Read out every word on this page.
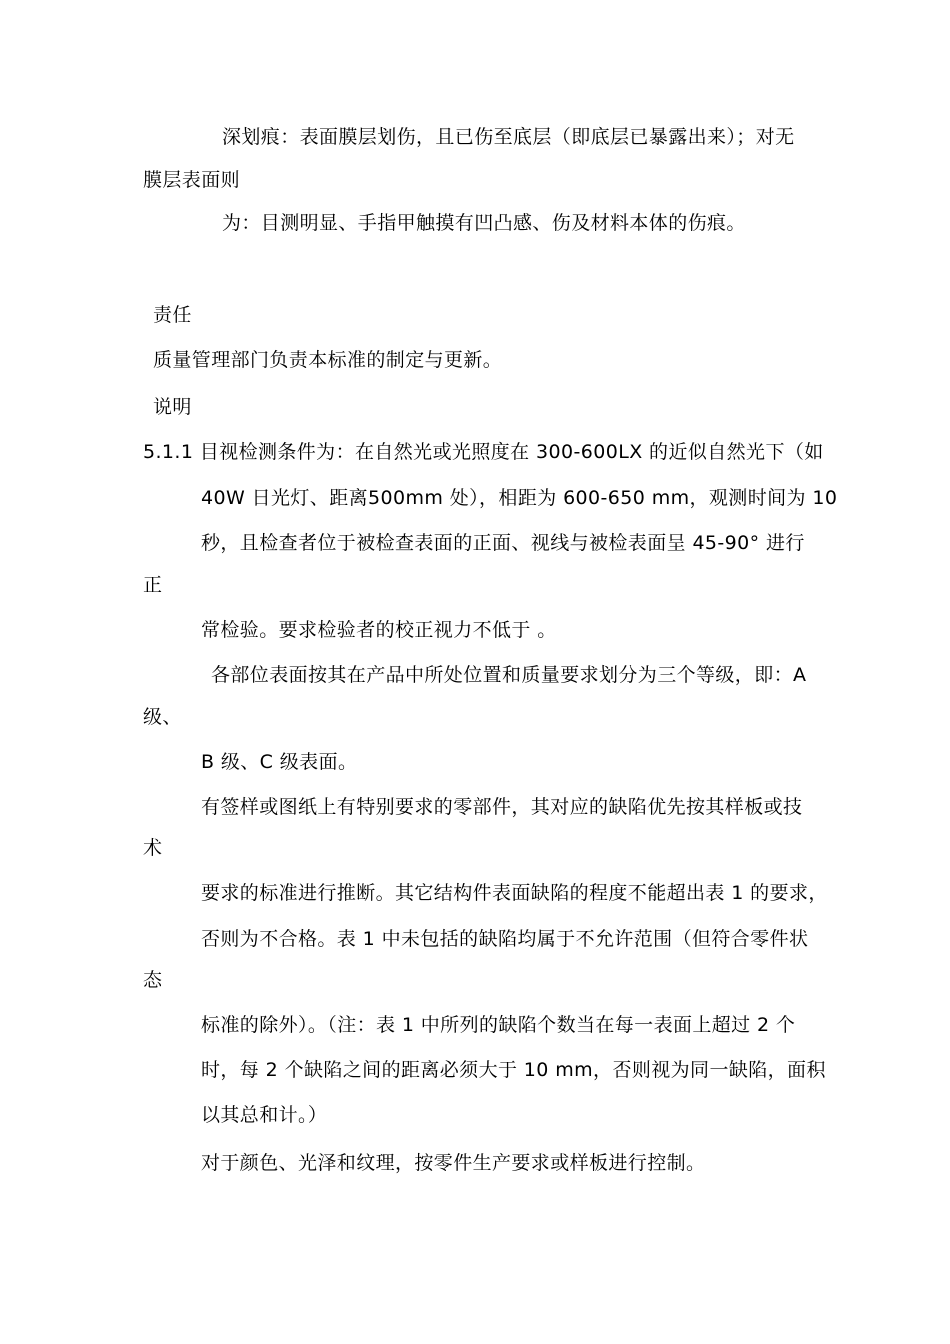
深划痕：表面膜层划伤，且已伤至底层（即底层已暴露出来）；对无
膜层表面则
为：目测明显、手指甲触摸有凹凸感、伤及材料本体的伤痕。
责任
质量管理部门负责本标准的制定与更新。
说明
5.1.1 目视检测条件为：在自然光或光照度在 300-600LX 的近似自然光下（如
40W 日光灯、距离500mm 处），相距为 600-650 mm，观测时间为 10
秒，且检查者位于被检查表面的正面、视线与被检表面呈 45-90° 进行
正
常检验。要求检验者的校正视力不低于 。
各部位表面按其在产品中所处位置和质量要求划分为三个等级，即：A
级、
B 级、C 级表面。
有签样或图纸上有特别要求的零部件，其对应的缺陷优先按其样板或技
术
要求的标准进行推断。其它结构件表面缺陷的程度不能超出表 1 的要求，
否则为不合格。表 1 中未包括的缺陷均属于不允许范围（但符合零件状
态
标准的除外）。（注：表 1 中所列的缺陷个数当在每一表面上超过 2 个
时，每 2 个缺陷之间的距离必须大于 10 mm，否则视为同一缺陷，面积
以其总和计。）
对于颜色、光泽和纹理，按零件生产要求或样板进行控制。
